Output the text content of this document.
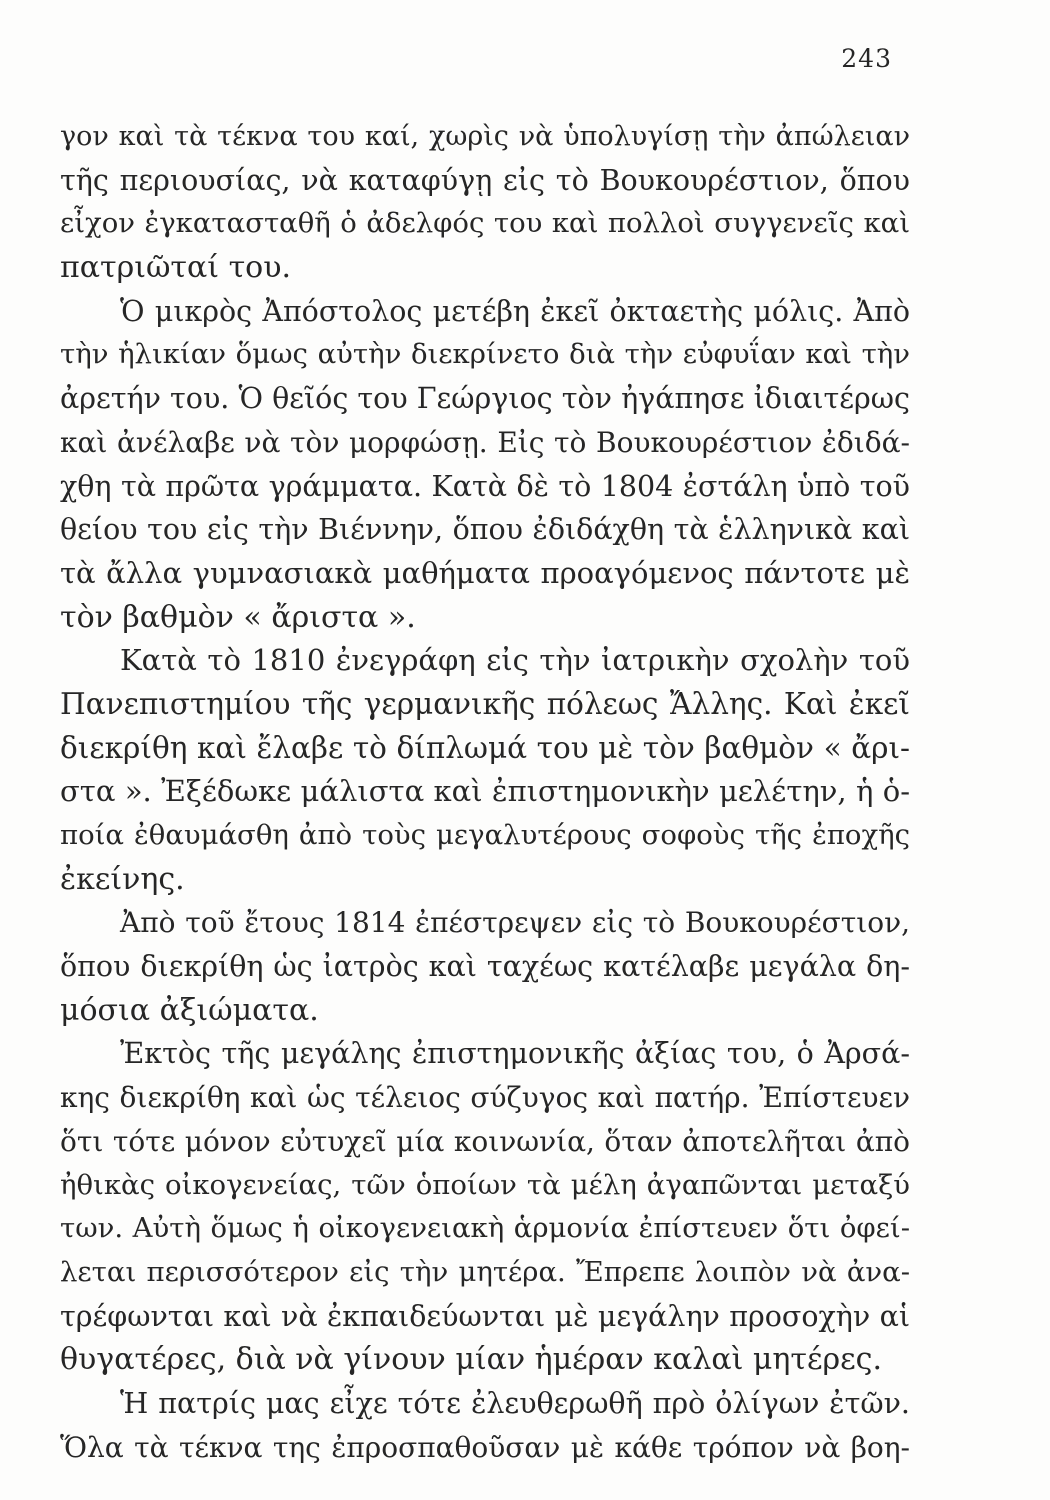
243
γον καὶ τὰ τέκνα του καί, χωρὶς νὰ ὑπολυγίσῃ τὴν ἀπώλειαν
τῆς περιουσίας, νὰ καταφύγῃ εἰς τὸ Βουκουρέστιον, ὅπου
εἶχον ἐγκατασταθῆ ὁ ἀδελφός του καὶ πολλοὶ συγγενεῖς καὶ
πατριῶταί του.
Ὁ μικρὸς Ἀπόστολος μετέβη ἐκεῖ ὀκταετὴς μόλις. Ἀπὸ
τὴν ἡλικίαν ὅμως αὐτὴν διεκρίνετο διὰ τὴν εὐφυΐαν καὶ τὴν
ἀρετήν του. Ὁ θεῖός του Γεώργιος τὸν ἠγάπησε ἰδιαιτέρως
καὶ ἀνέλαβε νὰ τὸν μορφώσῃ. Εἰς τὸ Βουκουρέστιον ἐδιδά-
χθη τὰ πρῶτα γράμματα. Κατὰ δὲ τὸ 1804 ἐστάλη ὑπὸ τοῦ
θείου του εἰς τὴν Βιέννην, ὅπου ἐδιδάχθη τὰ ἑλληνικὰ καὶ
τὰ ἄλλα γυμνασιακὰ μαθήματα προαγόμενος πάντοτε μὲ
τὸν βαθμὸν « ἄριστα ».
Κατὰ τὸ 1810 ἐνεγράφη εἰς τὴν ἰατρικὴν σχολὴν τοῦ
Πανεπιστημίου τῆς γερμανικῆς πόλεως Ἄλλης. Καὶ ἐκεῖ
διεκρίθη καὶ ἔλαβε τὸ δίπλωμά του μὲ τὸν βαθμὸν « ἄρι-
στα ». Ἐξέδωκε μάλιστα καὶ ἐπιστημονικὴν μελέτην, ἡ ὁ-
ποία ἐθαυμάσθη ἀπὸ τοὺς μεγαλυτέρους σοφοὺς τῆς ἐποχῆς
ἐκείνης.
Ἀπὸ τοῦ ἔτους 1814 ἐπέστρεψεν εἰς τὸ Βουκουρέστιον,
ὅπου διεκρίθη ὡς ἰατρὸς καὶ ταχέως κατέλαβε μεγάλα δη-
μόσια ἀξιώματα.
Ἐκτὸς τῆς μεγάλης ἐπιστημονικῆς ἀξίας του, ὁ Ἀρσά-
κης διεκρίθη καὶ ὡς τέλειος σύζυγος καὶ πατήρ. Ἐπίστευεν
ὅτι τότε μόνον εὐτυχεῖ μία κοινωνία, ὅταν ἀποτελῆται ἀπὸ
ἠθικὰς οἰκογενείας, τῶν ὁποίων τὰ μέλη ἀγαπῶνται μεταξύ
των. Αὐτὴ ὅμως ἡ οἰκογενειακὴ ἁρμονία ἐπίστευεν ὅτι ὀφεί-
λεται περισσότερον εἰς τὴν μητέρα. Ἔπρεπε λοιπὸν νὰ ἀνα-
τρέφωνται καὶ νὰ ἐκπαιδεύωνται μὲ μεγάλην προσοχὴν αἱ
θυγατέρες, διὰ νὰ γίνουν μίαν ἡμέραν καλαὶ μητέρες.
Ἡ πατρίς μας εἶχε τότε ἐλευθερωθῆ πρὸ ὀλίγων ἐτῶν.
Ὅλα τὰ τέκνα της ἐπροσπαθοῦσαν μὲ κάθε τρόπον νὰ βοη-
